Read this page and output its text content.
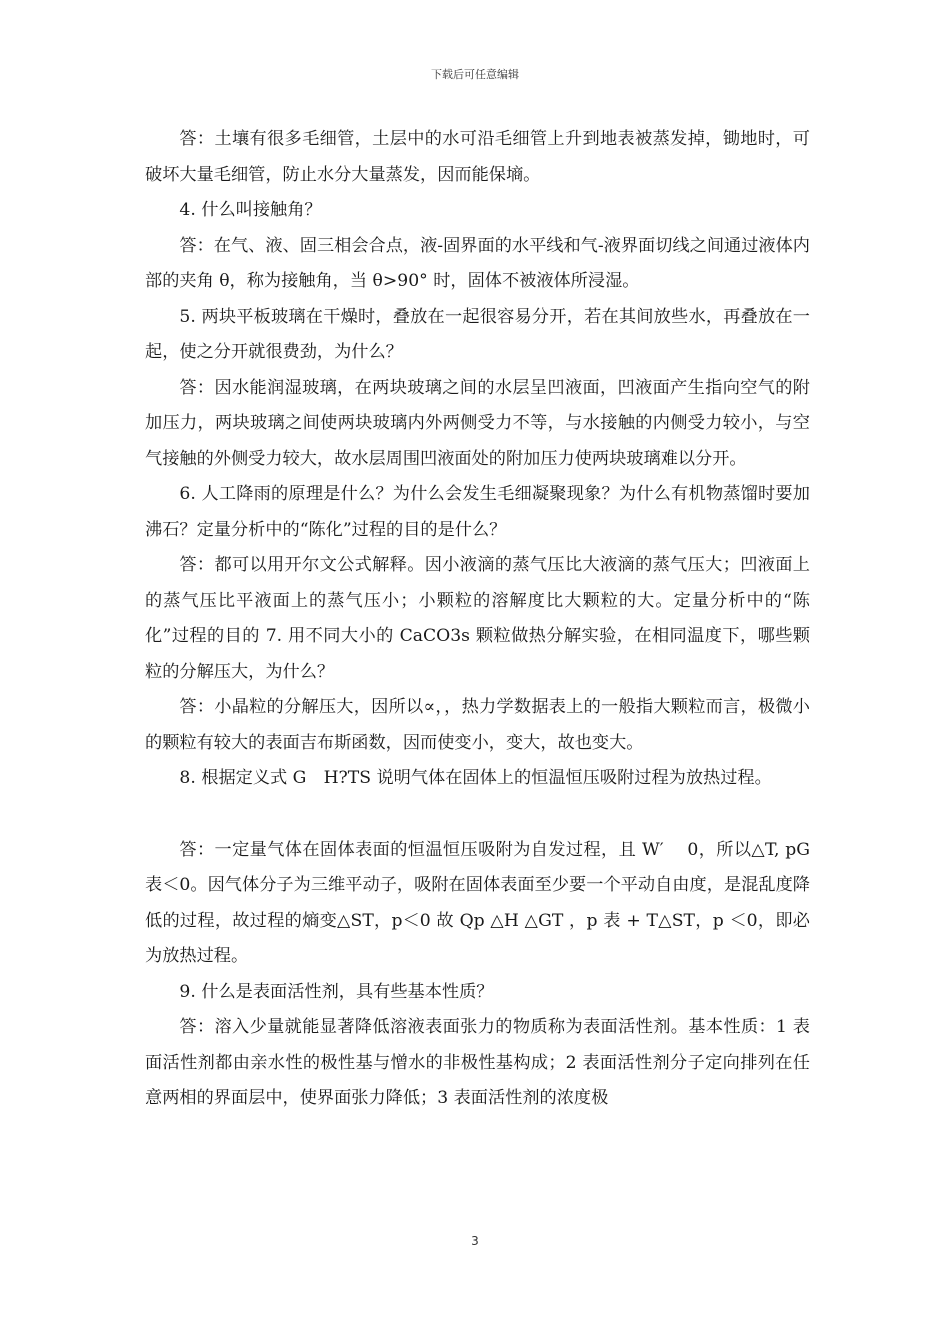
下载后可任意编辑

答：土壤有很多毛细管，土层中的水可沿毛细管上升到地表被蒸发掉，锄地时，可破坏大量毛细管，防止水分大量蒸发，因而能保墒。

4. 什么叫接触角？

答：在气、液、固三相会合点，液-固界面的水平线和气-液界面切线之间通过液体内部的夹角 θ，称为接触角，当 θ>90° 时，固体不被液体所浸湿。

5. 两块平板玻璃在干燥时，叠放在一起很容易分开，若在其间放些水，再叠放在一起，使之分开就很费劲，为什么？

答：因水能润湿玻璃，在两块玻璃之间的水层呈凹液面，凹液面产生指向空气的附加压力，两块玻璃之间使两块玻璃内外两侧受力不等，与水接触的内侧受力较小，与空气接触的外侧受力较大，故水层周围凹液面处的附加压力使两块玻璃难以分开。

6. 人工降雨的原理是什么？为什么会发生毛细凝聚现象？为什么有机物蒸馏时要加沸石？定量分析中的“陈化”过程的目的是什么？

答：都可以用开尔文公式解释。因小液滴的蒸气压比大液滴的蒸气压大；凹液面上的蒸气压比平液面上的蒸气压小；小颗粒的溶解度比大颗粒的大。定量分析中的“陈化”过程的目的 7. 用不同大小的 CaCO3s 颗粒做热分解实验，在相同温度下，哪些颗粒的分解压大，为什么？

答：小晶粒的分解压大，因所以∝，，热力学数据表上的一般指大颗粒而言，极微小的颗粒有较大的表面吉布斯函数，因而使变小，变大，故也变大。

8. 根据定义式 G　H?TS 说明气体在固体上的恒温恒压吸附过程为放热过程。

答：一定量气体在固体表面的恒温恒压吸附为自发过程，且 W′　 0，所以△T, pG 表＜0。因气体分子为三维平动子，吸附在固体表面至少要一个平动自由度，是混乱度降低的过程，故过程的熵变△ST，p＜0 故 Qp △H △GT ，p 表 + T△ST，p ＜0，即必为放热过程。

9. 什么是表面活性剂，具有些基本性质？

答：溶入少量就能显著降低溶液表面张力的物质称为表面活性剂。基本性质：1 表面活性剂都由亲水性的极性基与憎水的非极性基构成；2 表面活性剂分子定向排列在任意两相的界面层中，使界面张力降低；3 表面活性剂的浓度极

3
